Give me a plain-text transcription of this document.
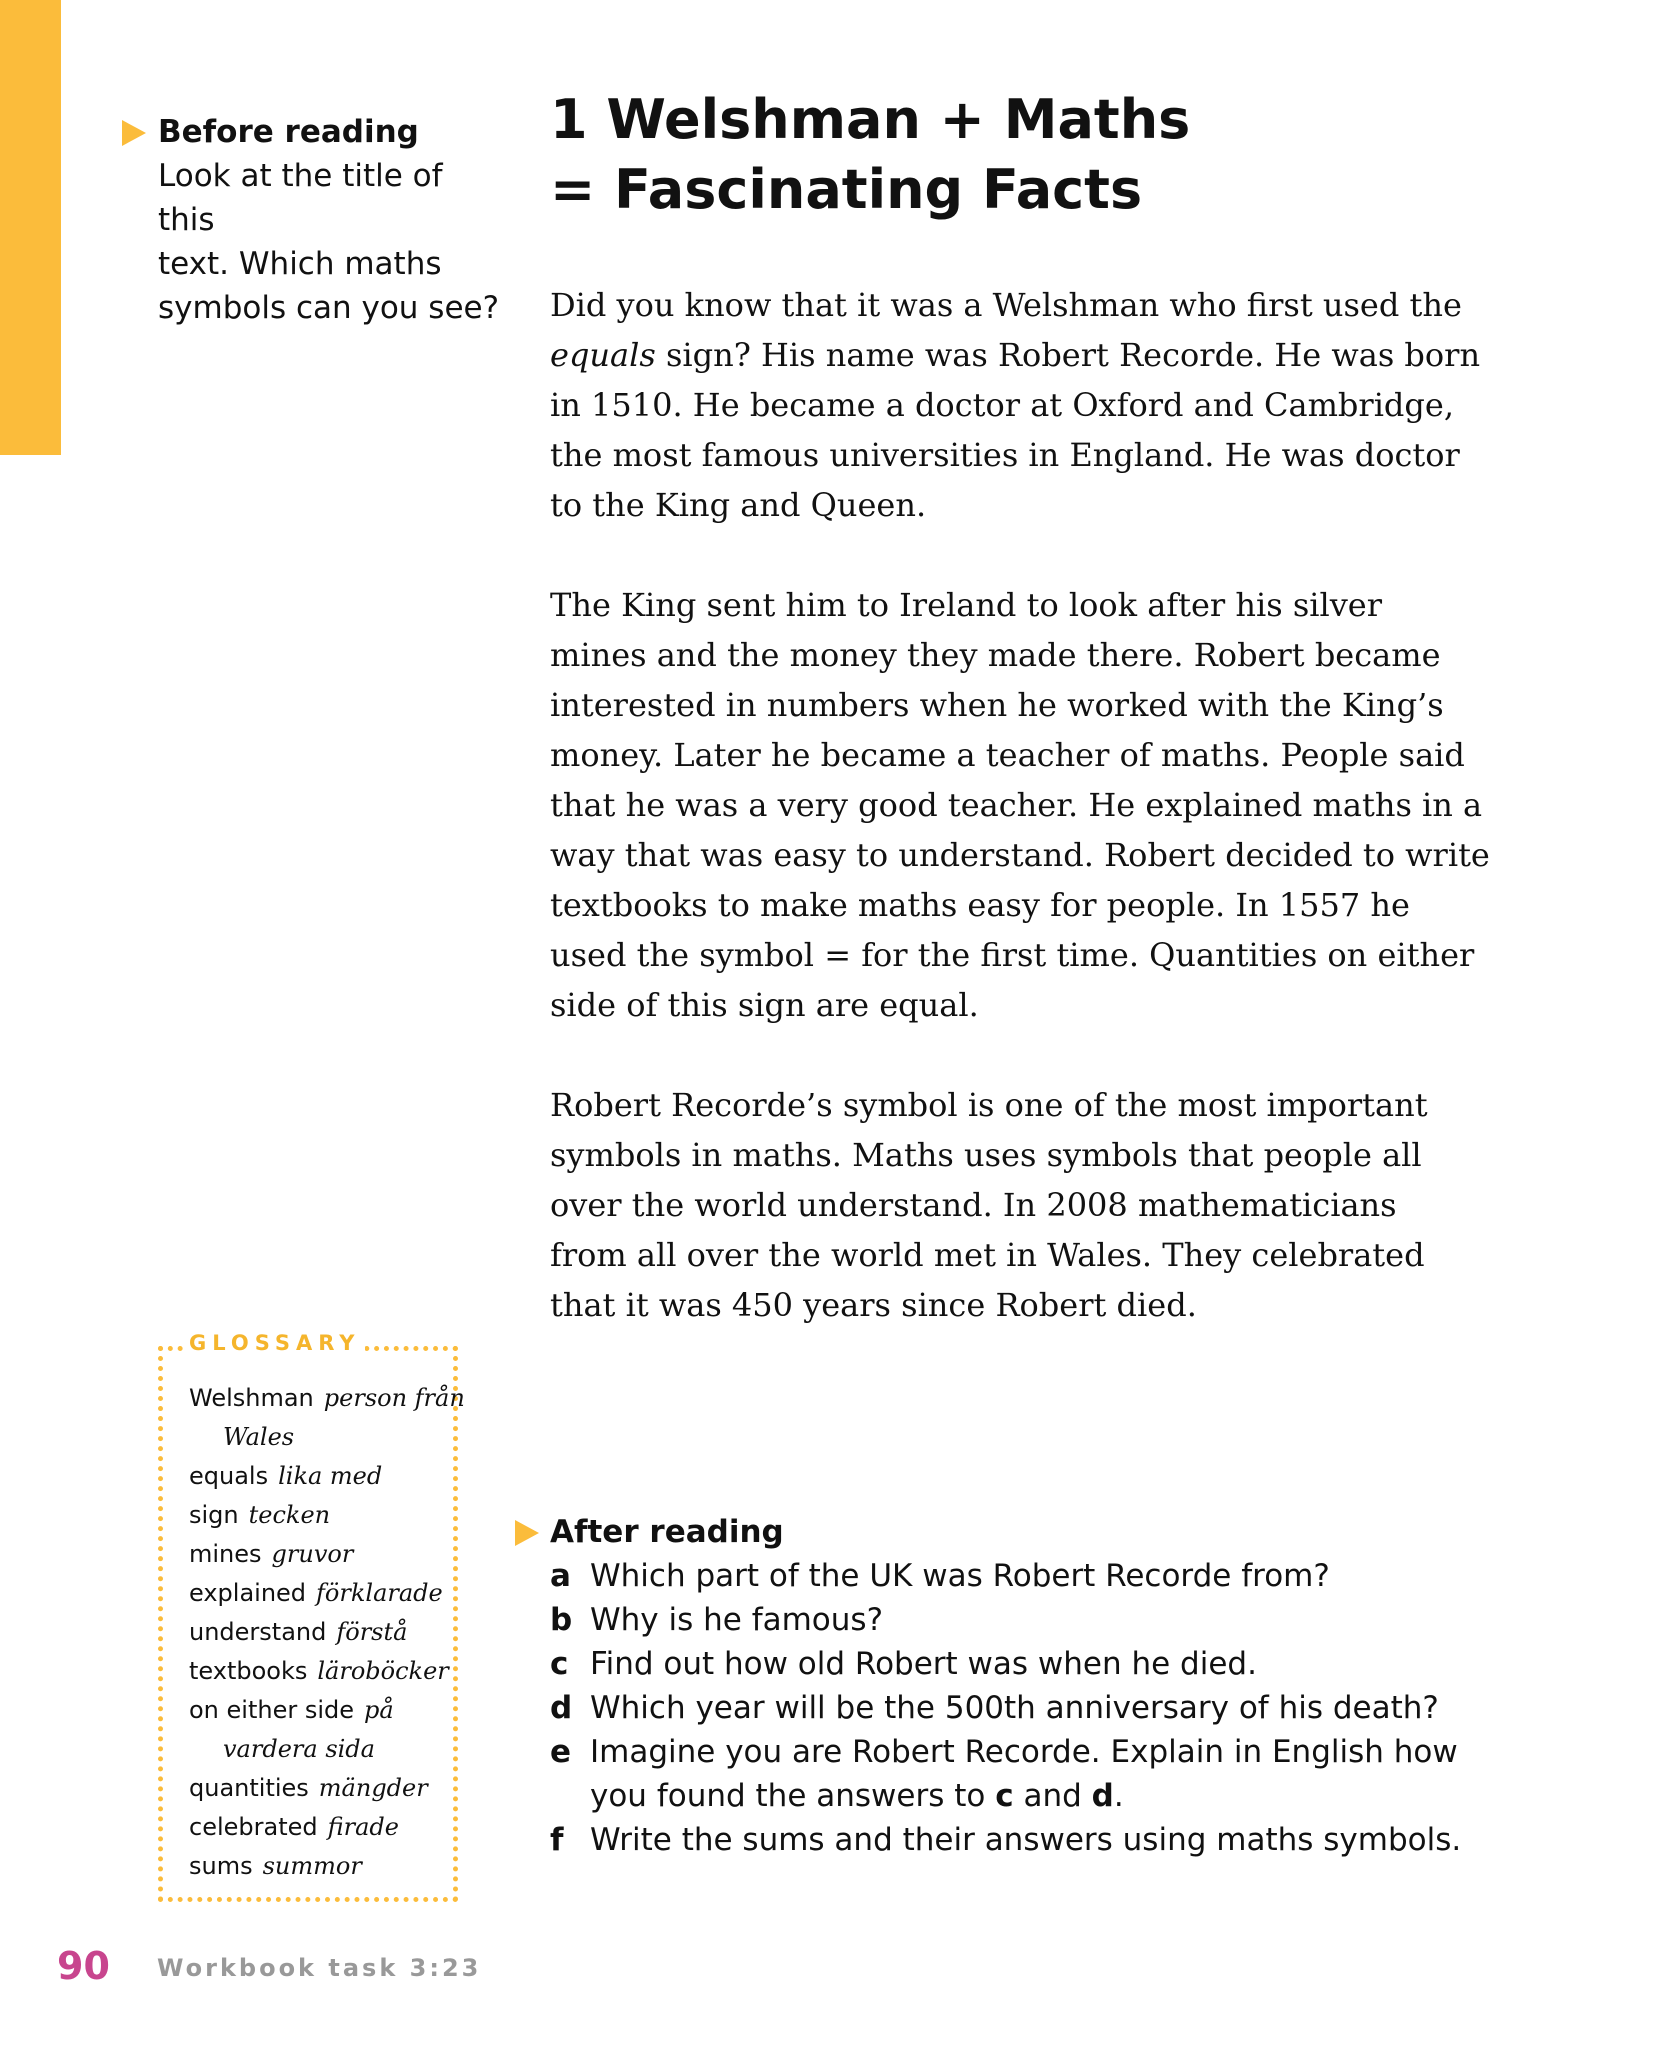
Before reading
Look at the title of this
text. Which maths
symbols can you see?
1 Welshman + Maths
= Fascinating Facts

Did you know that it was a Welshman who first used the
equals sign? His name was Robert Recorde. He was born
in 1510. He became a doctor at Oxford and Cambridge,
the most famous universities in England. He was doctor
to the King and Queen.

The King sent him to Ireland to look after his silver
mines and the money they made there. Robert became
interested in numbers when he worked with the King’s
money. Later he became a teacher of maths. People said
that he was a very good teacher. He explained maths in a
way that was easy to understand. Robert decided to write
textbooks to make maths easy for people. In 1557 he
used the symbol = for the first time. Quantities on either
side of this sign are equal.

Robert Recorde’s symbol is one of the most important
symbols in maths. Maths uses symbols that people all
over the world understand. In 2008 mathematicians
from all over the world met in Wales. They celebrated
that it was 450 years since Robert died.

GLOSSARY
Welshman person från
Wales
equals lika med
sign tecken
mines gruvor
explained förklarade
understand förstå
textbooks läroböcker
on either side på
vardera sida
quantities mängder
celebrated firade
sums summor
After reading
a Which part of the UK was Robert Recorde from?
b Why is he famous?
c Find out how old Robert was when he died.
d Which year will be the 500th anniversary of his death?
e Imagine you are Robert Recorde. Explain in English how
you found the answers to c and d.
f Write the sums and their answers using maths symbols.
90 Workbook task 3:23
